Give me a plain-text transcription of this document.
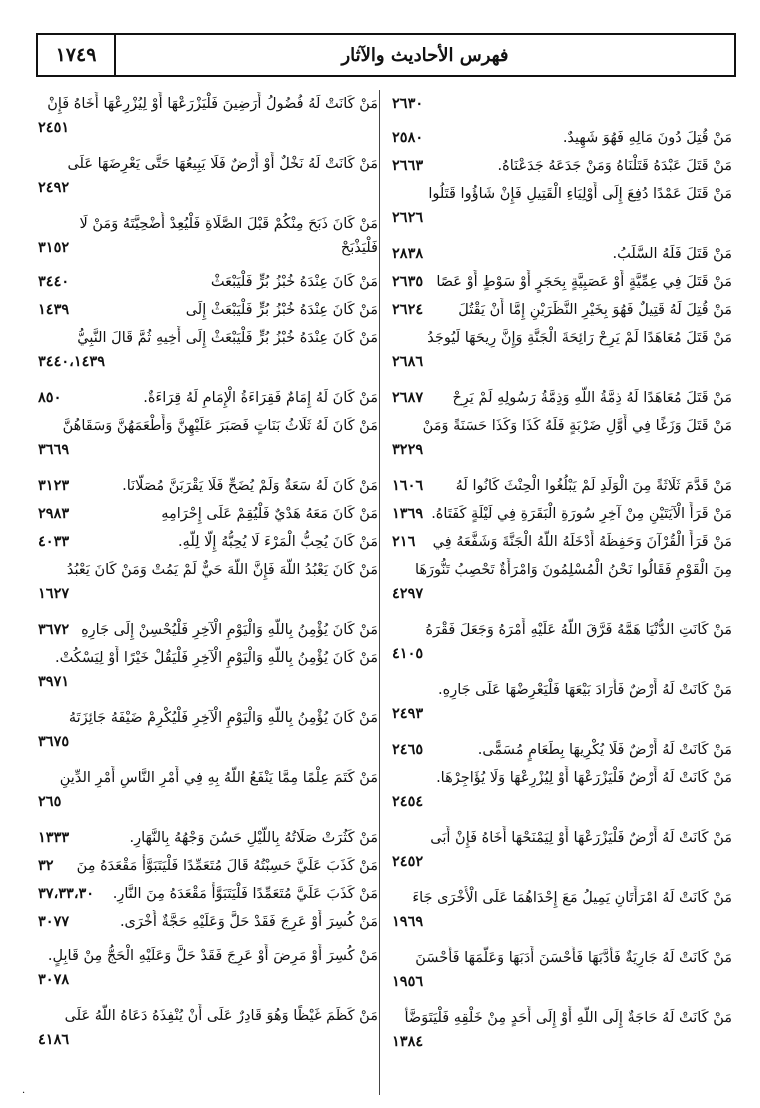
١٧٤٩	فهرس الأحاديث والآثار
٢٦٣٠
مَنْ قُتِلَ دُونَ مَالِهِ فَهُوَ شَهِيدٌ.
٢٥٨٠
مَنْ قَتَلَ عَبْدَهُ قَتَلْنَاهُ وَمَنْ جَدَعَهُ جَدَعْنَاهُ.
٢٦٦٣
مَنْ قَتَلَ عَمْدًا دُفِعَ إِلَى أَوْلِيَاءِ الْقَتِيلِ فَإِنْ شَاؤُوا قَتَلُوا
٢٦٢٦
مَنْ قَتَلَ فَلَهُ السَّلَبُ.
٢٨٣٨
مَنْ قَتَلَ فِي عِمِّيَّةٍ أَوْ عَصَبِيَّةٍ بِحَجَرٍ أَوْ سَوْطٍ أَوْ عَصًا
٢٦٣٥
مَنْ قُتِلَ لَهُ قَتِيلٌ فَهُوَ بِخَيْرِ النَّظَرَيْنِ إِمَّا أَنْ يَقْتُلَ
٢٦٢٤
مَنْ قَتَلَ مُعَاهَدًا لَمْ يَرِحْ رَائِحَةَ الْجَنَّةِ وَإِنَّ رِيحَهَا لَيُوجَدُ
٢٦٨٦
مَنْ قَتَلَ مُعَاهَدًا لَهُ ذِمَّةُ اللَّهِ وَذِمَّةُ رَسُولِهِ لَمْ يَرِحْ
٢٦٨٧
مَنْ قَتَلَ وَزَغًا فِي أَوَّلِ ضَرْبَةٍ فَلَهُ كَذَا وَكَذَا حَسَنَةً وَمَنْ
٣٢٢٩
مَنْ قَدَّمَ ثَلَاثَةً مِنَ الْوَلَدِ لَمْ يَبْلُغُوا الْحِنْثَ كَانُوا لَهُ
١٦٠٦
مَنْ قَرَأَ الْآيَتَيْنِ مِنْ آخِرِ سُورَةِ الْبَقَرَةِ فِي لَيْلَةٍ كَفَتَاهُ.
١٣٦٩
مَنْ قَرَأَ الْقُرْآنَ وَحَفِظَهُ أَدْخَلَهُ اللَّهُ الْجَنَّةَ وَشَفَّعَهُ فِي
٢١٦
مِنَ الْقَوْمِ فَقَالُوا نَحْنُ الْمُسْلِمُونَ وَامْرَأَةٌ تَحْصِبُ تَنُّورَهَا
٤٢٩٧
مَنْ كَانَتِ الدُّنْيَا هَمَّهُ فَرَّقَ اللَّهُ عَلَيْهِ أَمْرَهُ وَجَعَلَ فَقْرَهُ
٤١٠٥
مَنْ كَانَتْ لَهُ أَرْضٌ فَأَرَادَ بَيْعَهَا فَلْيَعْرِضْهَا عَلَى جَارِهِ.
٢٤٩٣
مَنْ كَانَتْ لَهُ أَرْضٌ فَلَا يُكْرِيهَا بِطَعَامٍ مُسَمًّى.
٢٤٦٥
مَنْ كَانَتْ لَهُ أَرْضٌ فَلْيَزْرَعْهَا أَوْ لِيُزْرِعْهَا وَلَا يُؤَاجِرْهَا.
٢٤٥٤
مَنْ كَانَتْ لَهُ أَرْضٌ فَلْيَزْرَعْهَا أَوْ لِيَمْنَحْهَا أَخَاهُ فَإِنْ أَبَى
٢٤٥٢
مَنْ كَانَتْ لَهُ امْرَأَتَانِ يَمِيلُ مَعَ إِحْدَاهُمَا عَلَى الْأُخْرَى جَاءَ
١٩٦٩
مَنْ كَانَتْ لَهُ جَارِيَةٌ فَأَدَّبَهَا فَأَحْسَنَ أَدَبَهَا وَعَلَّمَهَا فَأَحْسَنَ
١٩٥٦
مَنْ كَانَتْ لَهُ حَاجَةٌ إِلَى اللَّهِ أَوْ إِلَى أَحَدٍ مِنْ خَلْقِهِ فَلْيَتَوَضَّأْ
١٣٨٤
مَنْ كَانَتْ لَهُ فُضُولُ أَرَضِينَ فَلْيَزْرَعْهَا أَوْ لِيُزْرِعْهَا أَخَاهُ فَإِنْ
٢٤٥١
مَنْ كَانَتْ لَهُ نَخْلٌ أَوْ أَرْضٌ فَلَا يَبِيعُهَا حَتَّى يَعْرِضَهَا عَلَى
٢٤٩٢
مَنْ كَانَ ذَبَحَ مِنْكُمْ قَبْلَ الصَّلَاةِ فَلْيُعِدْ أُضْحِيَّتَهُ وَمَنْ لَا فَلْيَذْبَحْ
٣١٥٢
مَنْ كَانَ عِنْدَهُ خُبْزُ بُرٍّ فَلْيَبْعَثْ
٣٤٤٠
مَنْ كَانَ عِنْدَهُ خُبْزُ بُرٍّ فَلْيَبْعَثْ إِلَى
١٤٣٩
مَنْ كَانَ عِنْدَهُ خُبْزُ بُرٍّ فَلْيَبْعَثْ إِلَى أَخِيهِ ثُمَّ قَالَ النَّبِيُّ
٣٤٤٠،١٤٣٩
مَنْ كَانَ لَهُ إِمَامٌ فَقِرَاءَةُ الْإِمَامِ لَهُ قِرَاءَةٌ.
٨٥٠
مَنْ كَانَ لَهُ ثَلَاثُ بَنَاتٍ فَصَبَرَ عَلَيْهِنَّ وَأَطْعَمَهُنَّ وَسَقَاهُنَّ
٣٦٦٩
مَنْ كَانَ لَهُ سَعَةٌ وَلَمْ يُضَحِّ فَلَا يَقْرَبَنَّ مُصَلَّانَا.
٣١٢٣
مَنْ كَانَ مَعَهُ هَدْيٌ فَلْيُقِمْ عَلَى إِحْرَامِهِ
٢٩٨٣
مَنْ كَانَ يُحِبُّ الْمَرْءَ لَا يُحِبُّهُ إِلَّا لِلَّهِ.
٤٠٣٣
مَنْ كَانَ يَعْبُدُ اللَّهَ فَإِنَّ اللَّهَ حَيٌّ لَمْ يَمُتْ وَمَنْ كَانَ يَعْبُدُ
١٦٢٧
مَنْ كَانَ يُؤْمِنُ بِاللَّهِ وَالْيَوْمِ الْآخِرِ فَلْيُحْسِنْ إِلَى جَارِهِ
٣٦٧٢
مَنْ كَانَ يُؤْمِنُ بِاللَّهِ وَالْيَوْمِ الْآخِرِ فَلْيَقُلْ خَيْرًا أَوْ لِيَسْكُتْ.
٣٩٧١
مَنْ كَانَ يُؤْمِنُ بِاللَّهِ وَالْيَوْمِ الْآخِرِ فَلْيُكْرِمْ ضَيْفَهُ جَائِزَتَهُ
٣٦٧٥
مَنْ كَتَمَ عِلْمًا مِمَّا يَنْفَعُ اللَّهُ بِهِ فِي أَمْرِ النَّاسِ أَمْرِ الدِّينِ
٢٦٥
مَنْ كَثُرَتْ صَلَاتُهُ بِاللَّيْلِ حَسُنَ وَجْهُهُ بِالنَّهَارِ.
١٣٣٣
مَنْ كَذَبَ عَلَيَّ حَسِبْتُهُ قَالَ مُتَعَمِّدًا فَلْيَتَبَوَّأْ مَقْعَدَهُ مِنَ
٣٢
مَنْ كَذَبَ عَلَيَّ مُتَعَمِّدًا فَلْيَتَبَوَّأْ مَقْعَدَهُ مِنَ النَّارِ.
٣٧،٣٣،٣٠
مَنْ كُسِرَ أَوْ عَرِجَ فَقَدْ حَلَّ وَعَلَيْهِ حَجَّةٌ أُخْرَى.
٣٠٧٧
مَنْ كُسِرَ أَوْ مَرِضَ أَوْ عَرِجَ فَقَدْ حَلَّ وَعَلَيْهِ الْحَجُّ مِنْ قَابِلٍ.
٣٠٧٨
مَنْ كَظَمَ غَيْظًا وَهُوَ قَادِرٌ عَلَى أَنْ يُنْفِذَهُ دَعَاهُ اللَّهُ عَلَى
٤١٨٦
·
